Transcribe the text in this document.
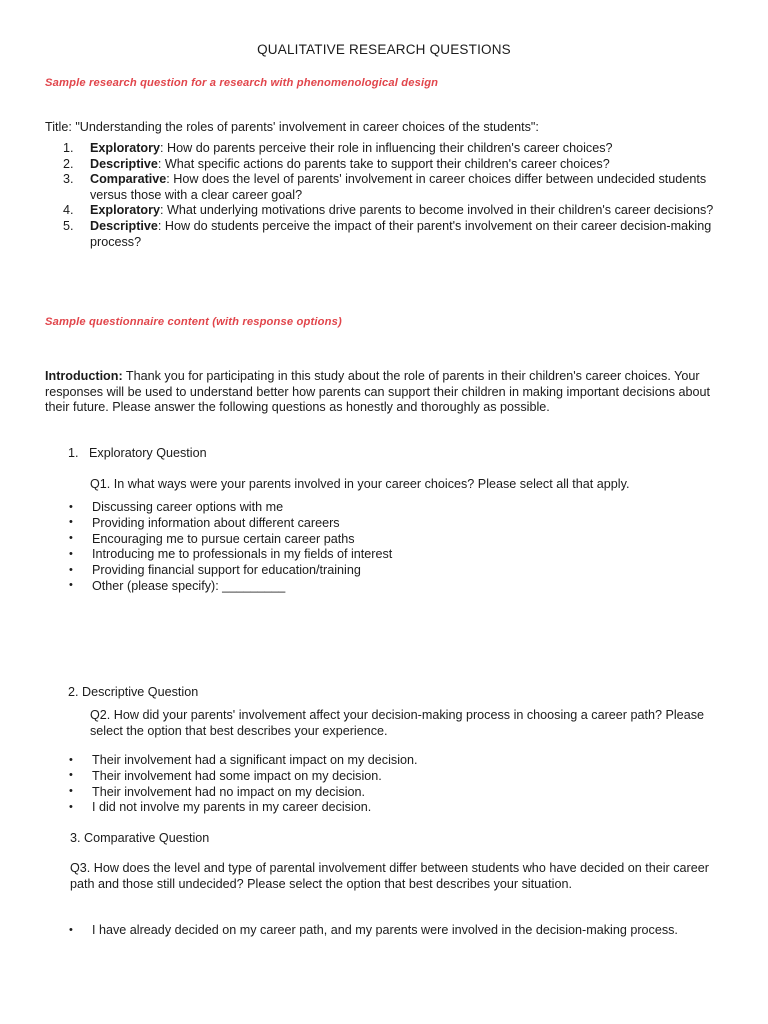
QUALITATIVE RESEARCH QUESTIONS
Sample research question for a research with phenomenological design
Title: "Understanding the roles of parents' involvement in career choices of the students":
1.	Exploratory: How do parents perceive their role in influencing their children's career choices?
2.	Descriptive: What specific actions do parents take to support their children's career choices?
3.	Comparative: How does the level of parents' involvement in career choices differ between undecided students versus those with a clear career goal?
4.	Exploratory: What underlying motivations drive parents to become involved in their children's career decisions?
5.	Descriptive: How do students perceive the impact of their parent's involvement on their career decision-making process?
Sample questionnaire content (with response options)
Introduction: Thank you for participating in this study about the role of parents in their children's career choices. Your responses will be used to understand better how parents can support their children in making important decisions about their future. Please answer the following questions as honestly and thoroughly as possible.
1. Exploratory Question
Q1. In what ways were your parents involved in your career choices? Please select all that apply.
• Discussing career options with me
• Providing information about different careers
• Encouraging me to pursue certain career paths
• Introducing me to professionals in my fields of interest
• Providing financial support for education/training
• Other (please specify): _________
2. Descriptive Question
Q2. How did your parents' involvement affect your decision-making process in choosing a career path? Please select the option that best describes your experience.
• Their involvement had a significant impact on my decision.
• Their involvement had some impact on my decision.
• Their involvement had no impact on my decision.
• I did not involve my parents in my career decision.
3. Comparative Question
Q3. How does the level and type of parental involvement differ between students who have decided on their career path and those still undecided? Please select the option that best describes your situation.
• I have already decided on my career path, and my parents were involved in the decision-making process.
